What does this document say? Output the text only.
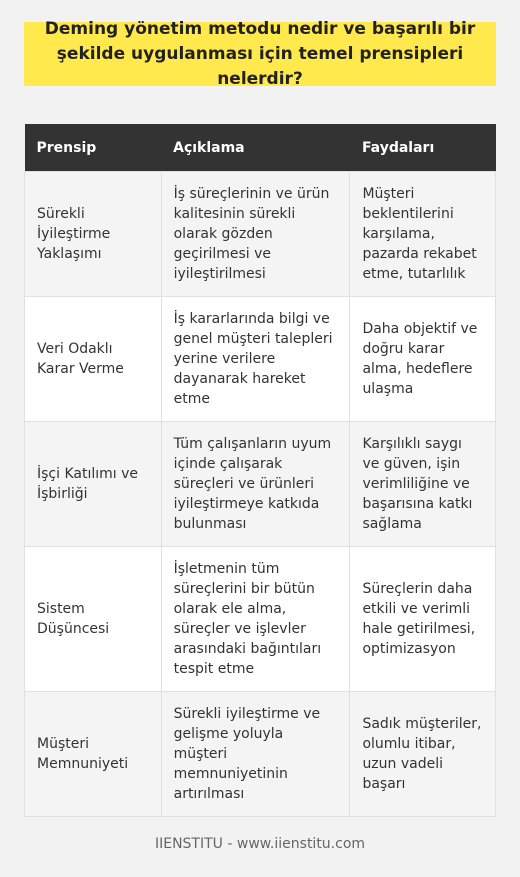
Deming yönetim metodu nedir ve başarılı bir şekilde uygulanması için temel prensipleri nelerdir?
Prensip	Açıklama	Faydaları
Sürekli İyileştirme Yaklaşımı	İş süreçlerinin ve ürün kalitesinin sürekli olarak gözden geçirilmesi ve iyileştirilmesi	Müşteri beklentilerini karşılama, pazarda rekabet etme, tutarlılık
Veri Odaklı Karar Verme	İş kararlarında bilgi ve genel müşteri talepleri yerine verilere dayanarak hareket etme	Daha objektif ve doğru karar alma, hedeflere ulaşma
İşçi Katılımı ve İşbirliği	Tüm çalışanların uyum içinde çalışarak süreçleri ve ürünleri iyileştirmeye katkıda bulunması	Karşılıklı saygı ve güven, işin verimliliğine ve başarısına katkı sağlama
Sistem Düşüncesi	İşletmenin tüm süreçlerini bir bütün olarak ele alma, süreçler ve işlevler arasındaki bağıntıları tespit etme	Süreçlerin daha etkili ve verimli hale getirilmesi, optimizasyon
Müşteri Memnuniyeti	Sürekli iyileştirme ve gelişme yoluyla müşteri memnuniyetinin artırılması	Sadık müşteriler, olumlu itibar, uzun vadeli başarı
IIENSTITU - www.iienstitu.com
